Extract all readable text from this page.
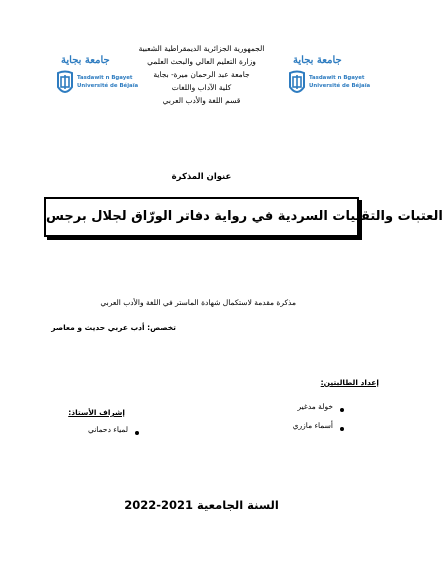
الجمهورية الجزائرية الديمقراطية الشعبية
وزارة التعليم العالي والبحث العلمي
جامعة عبد الرحمان ميرة- بجاية
كلية الآداب واللغات
قسم اللغة والأدب العربي
جامعة بجاية
Tasdawit n Bgayet
Université de Béjaïa
جامعة بجاية
Tasdawit n Bgayet
Université de Béjaïa
عنوان المذكرة
العتبات والتقنيات السردية في رواية دفاتر الورّاق لجلال برجس
مذكرة مقدمة لاستكمال شهادة الماستر في اللغة والأدب العربي
تخصص: أدب عربي حديث و معاصر
إعداد الطالبتين:
خولة مدغير
أسماء مازري
إشراف الأستاذ:
لمياء دحماني
السنة الجامعية 2021-2022
